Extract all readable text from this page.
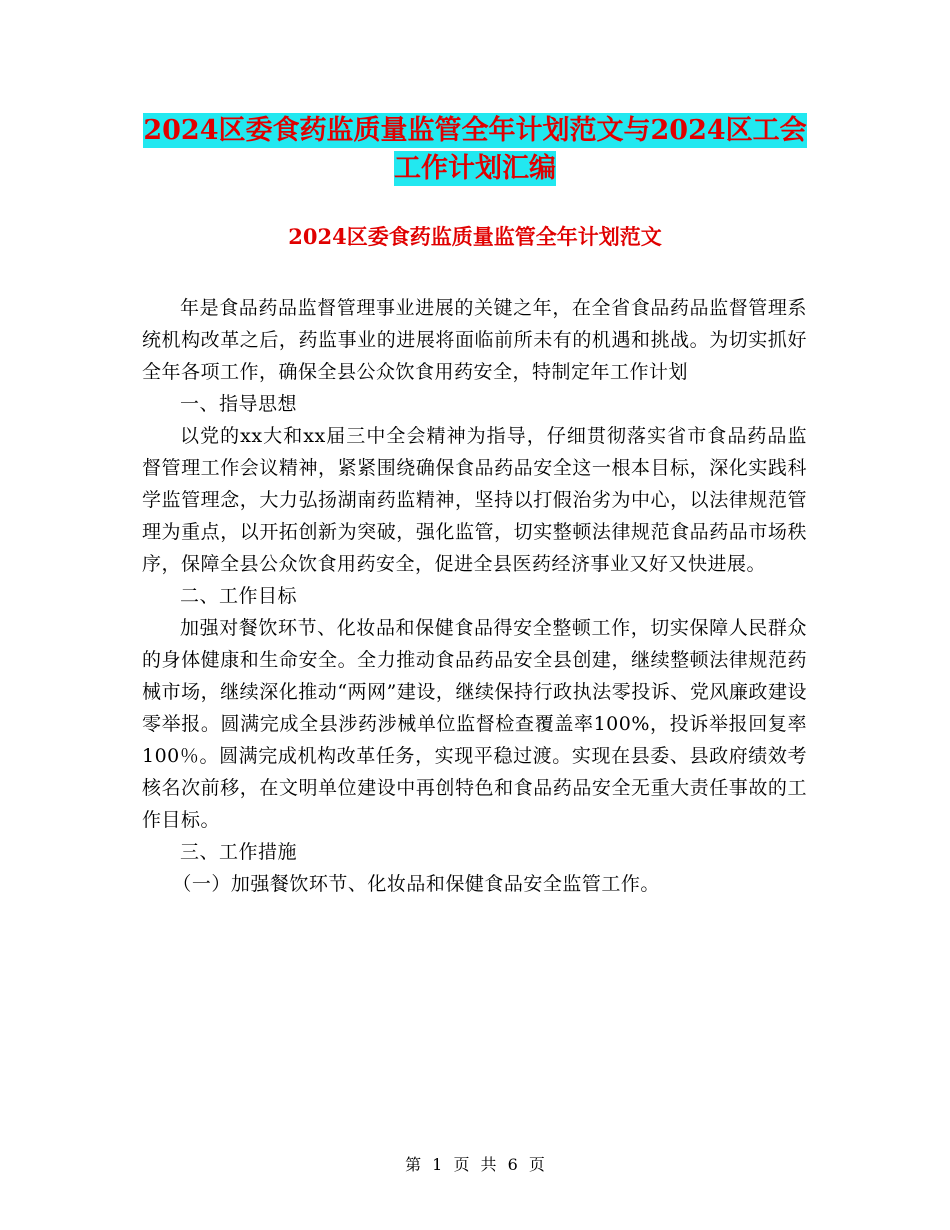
2024区委食药监质量监管全年计划范文与2024区工会
工作计划汇编
2024区委食药监质量监管全年计划范文

年是食品药品监督管理事业进展的关键之年，在全省食品药品监督管理系统机构改革之后，药监事业的进展将面临前所未有的机遇和挑战。为切实抓好全年各项工作，确保全县公众饮食用药安全，特制定年工作计划

一、指导思想

以党的xx大和xx届三中全会精神为指导，仔细贯彻落实省市食品药品监督管理工作会议精神，紧紧围绕确保食品药品安全这一根本目标，深化实践科学监管理念，大力弘扬湖南药监精神，坚持以打假治劣为中心，以法律规范管理为重点，以开拓创新为突破，强化监管，切实整顿法律规范食品药品市场秩序，保障全县公众饮食用药安全，促进全县医药经济事业又好又快进展。

二、工作目标

加强对餐饮环节、化妆品和保健食品得安全整顿工作，切实保障人民群众的身体健康和生命安全。全力推动食品药品安全县创建，继续整顿法律规范药械市场，继续深化推动“两网”建设，继续保持行政执法零投诉、党风廉政建设零举报。圆满完成全县涉药涉械单位监督检查覆盖率100%，投诉举报回复率100％。圆满完成机构改革任务，实现平稳过渡。实现在县委、县政府绩效考核名次前移，在文明单位建设中再创特色和食品药品安全无重大责任事故的工作目标。

三、工作措施

（一）加强餐饮环节、化妆品和保健食品安全监管工作。

第 1 页 共 6 页
